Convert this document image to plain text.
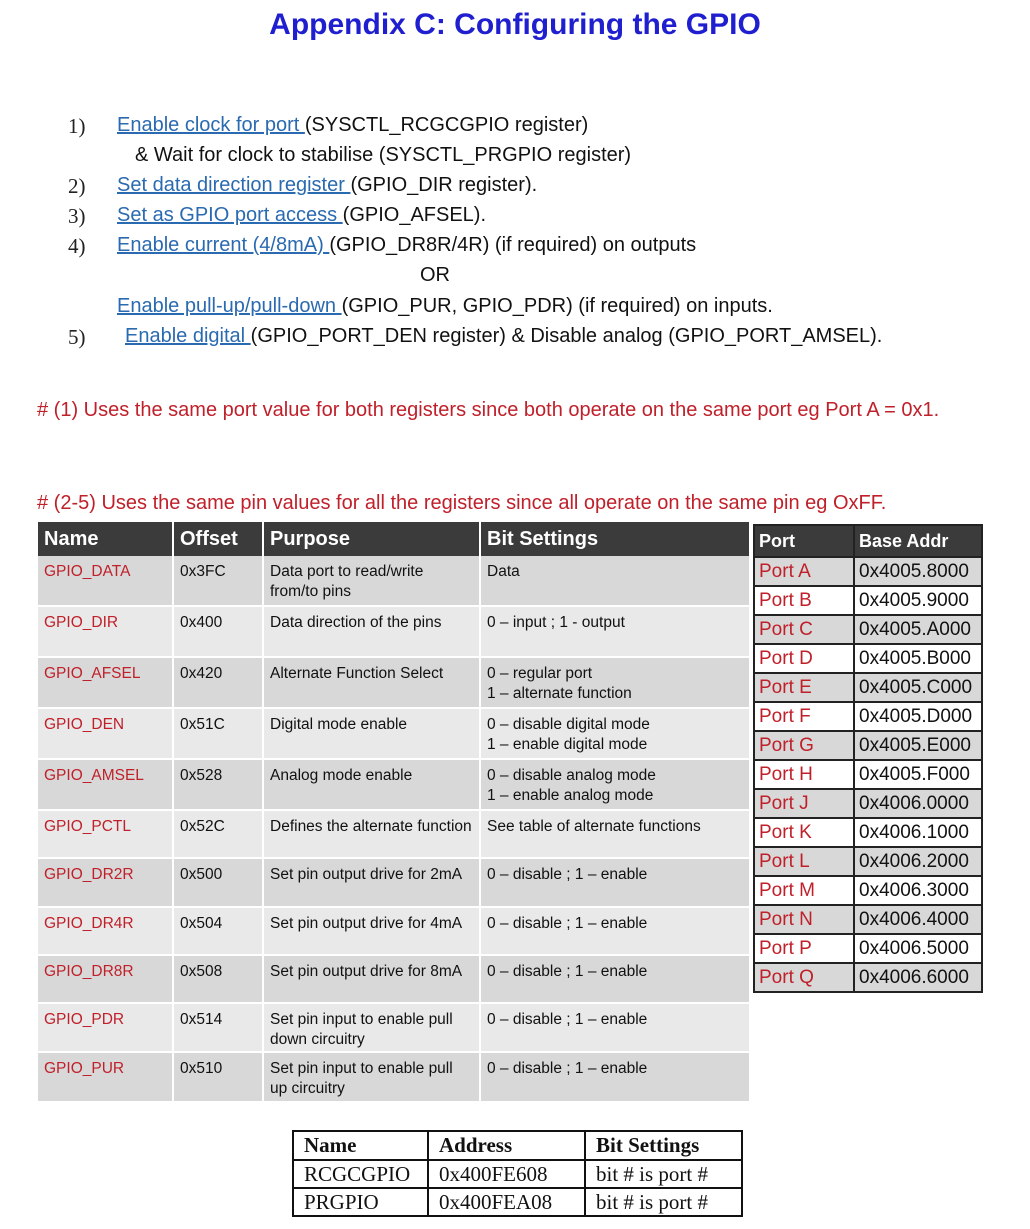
Appendix C: Configuring the GPIO
1) Enable clock for port (SYSCTL_RCGCGPIO register)
& Wait for clock to stabilise (SYSCTL_PRGPIO register)
2) Set data direction register (GPIO_DIR register).
3) Set as GPIO port access (GPIO_AFSEL).
4) Enable current (4/8mA) (GPIO_DR8R/4R) (if required) on outputs
OR
Enable pull-up/pull-down (GPIO_PUR, GPIO_PDR) (if required) on inputs.
5) Enable digital (GPIO_PORT_DEN register) & Disable analog (GPIO_PORT_AMSEL).
# (1) Uses the same port value for both registers since both operate on the same port eg Port A = 0x1.
# (2-5) Uses the same pin values for all the registers since all operate on the same pin eg OxFF.
Name	Offset	Purpose	Bit Settings
GPIO_DATA	0x3FC	Data port to read/write from/to pins	Data
GPIO_DIR	0x400	Data direction of the pins	0 – input ; 1 - output
GPIO_AFSEL	0x420	Alternate Function Select	0 – regular port
1 – alternate function
GPIO_DEN	0x51C	Digital mode enable	0 – disable digital mode
1 – enable digital mode
GPIO_AMSEL	0x528	Analog mode enable	0 – disable analog mode
1 – enable analog mode
GPIO_PCTL	0x52C	Defines the alternate function	See table of alternate functions
GPIO_DR2R	0x500	Set pin output drive for 2mA	0 – disable ; 1 – enable
GPIO_DR4R	0x504	Set pin output drive for 4mA	0 – disable ; 1 – enable
GPIO_DR8R	0x508	Set pin output drive for 8mA	0 – disable ; 1 – enable
GPIO_PDR	0x514	Set pin input to enable pull down circuitry	0 – disable ; 1 – enable
GPIO_PUR	0x510	Set pin input to enable pull up circuitry	0 – disable ; 1 – enable
Port	Base Addr
Port A	0x4005.8000
Port B	0x4005.9000
Port C	0x4005.A000
Port D	0x4005.B000
Port E	0x4005.C000
Port F	0x4005.D000
Port G	0x4005.E000
Port H	0x4005.F000
Port J	0x4006.0000
Port K	0x4006.1000
Port L	0x4006.2000
Port M	0x4006.3000
Port N	0x4006.4000
Port P	0x4006.5000
Port Q	0x4006.6000
Name	Address	Bit Settings
RCGCGPIO	0x400FE608	bit # is port #
PRGPIO	0x400FEA08	bit # is port #
